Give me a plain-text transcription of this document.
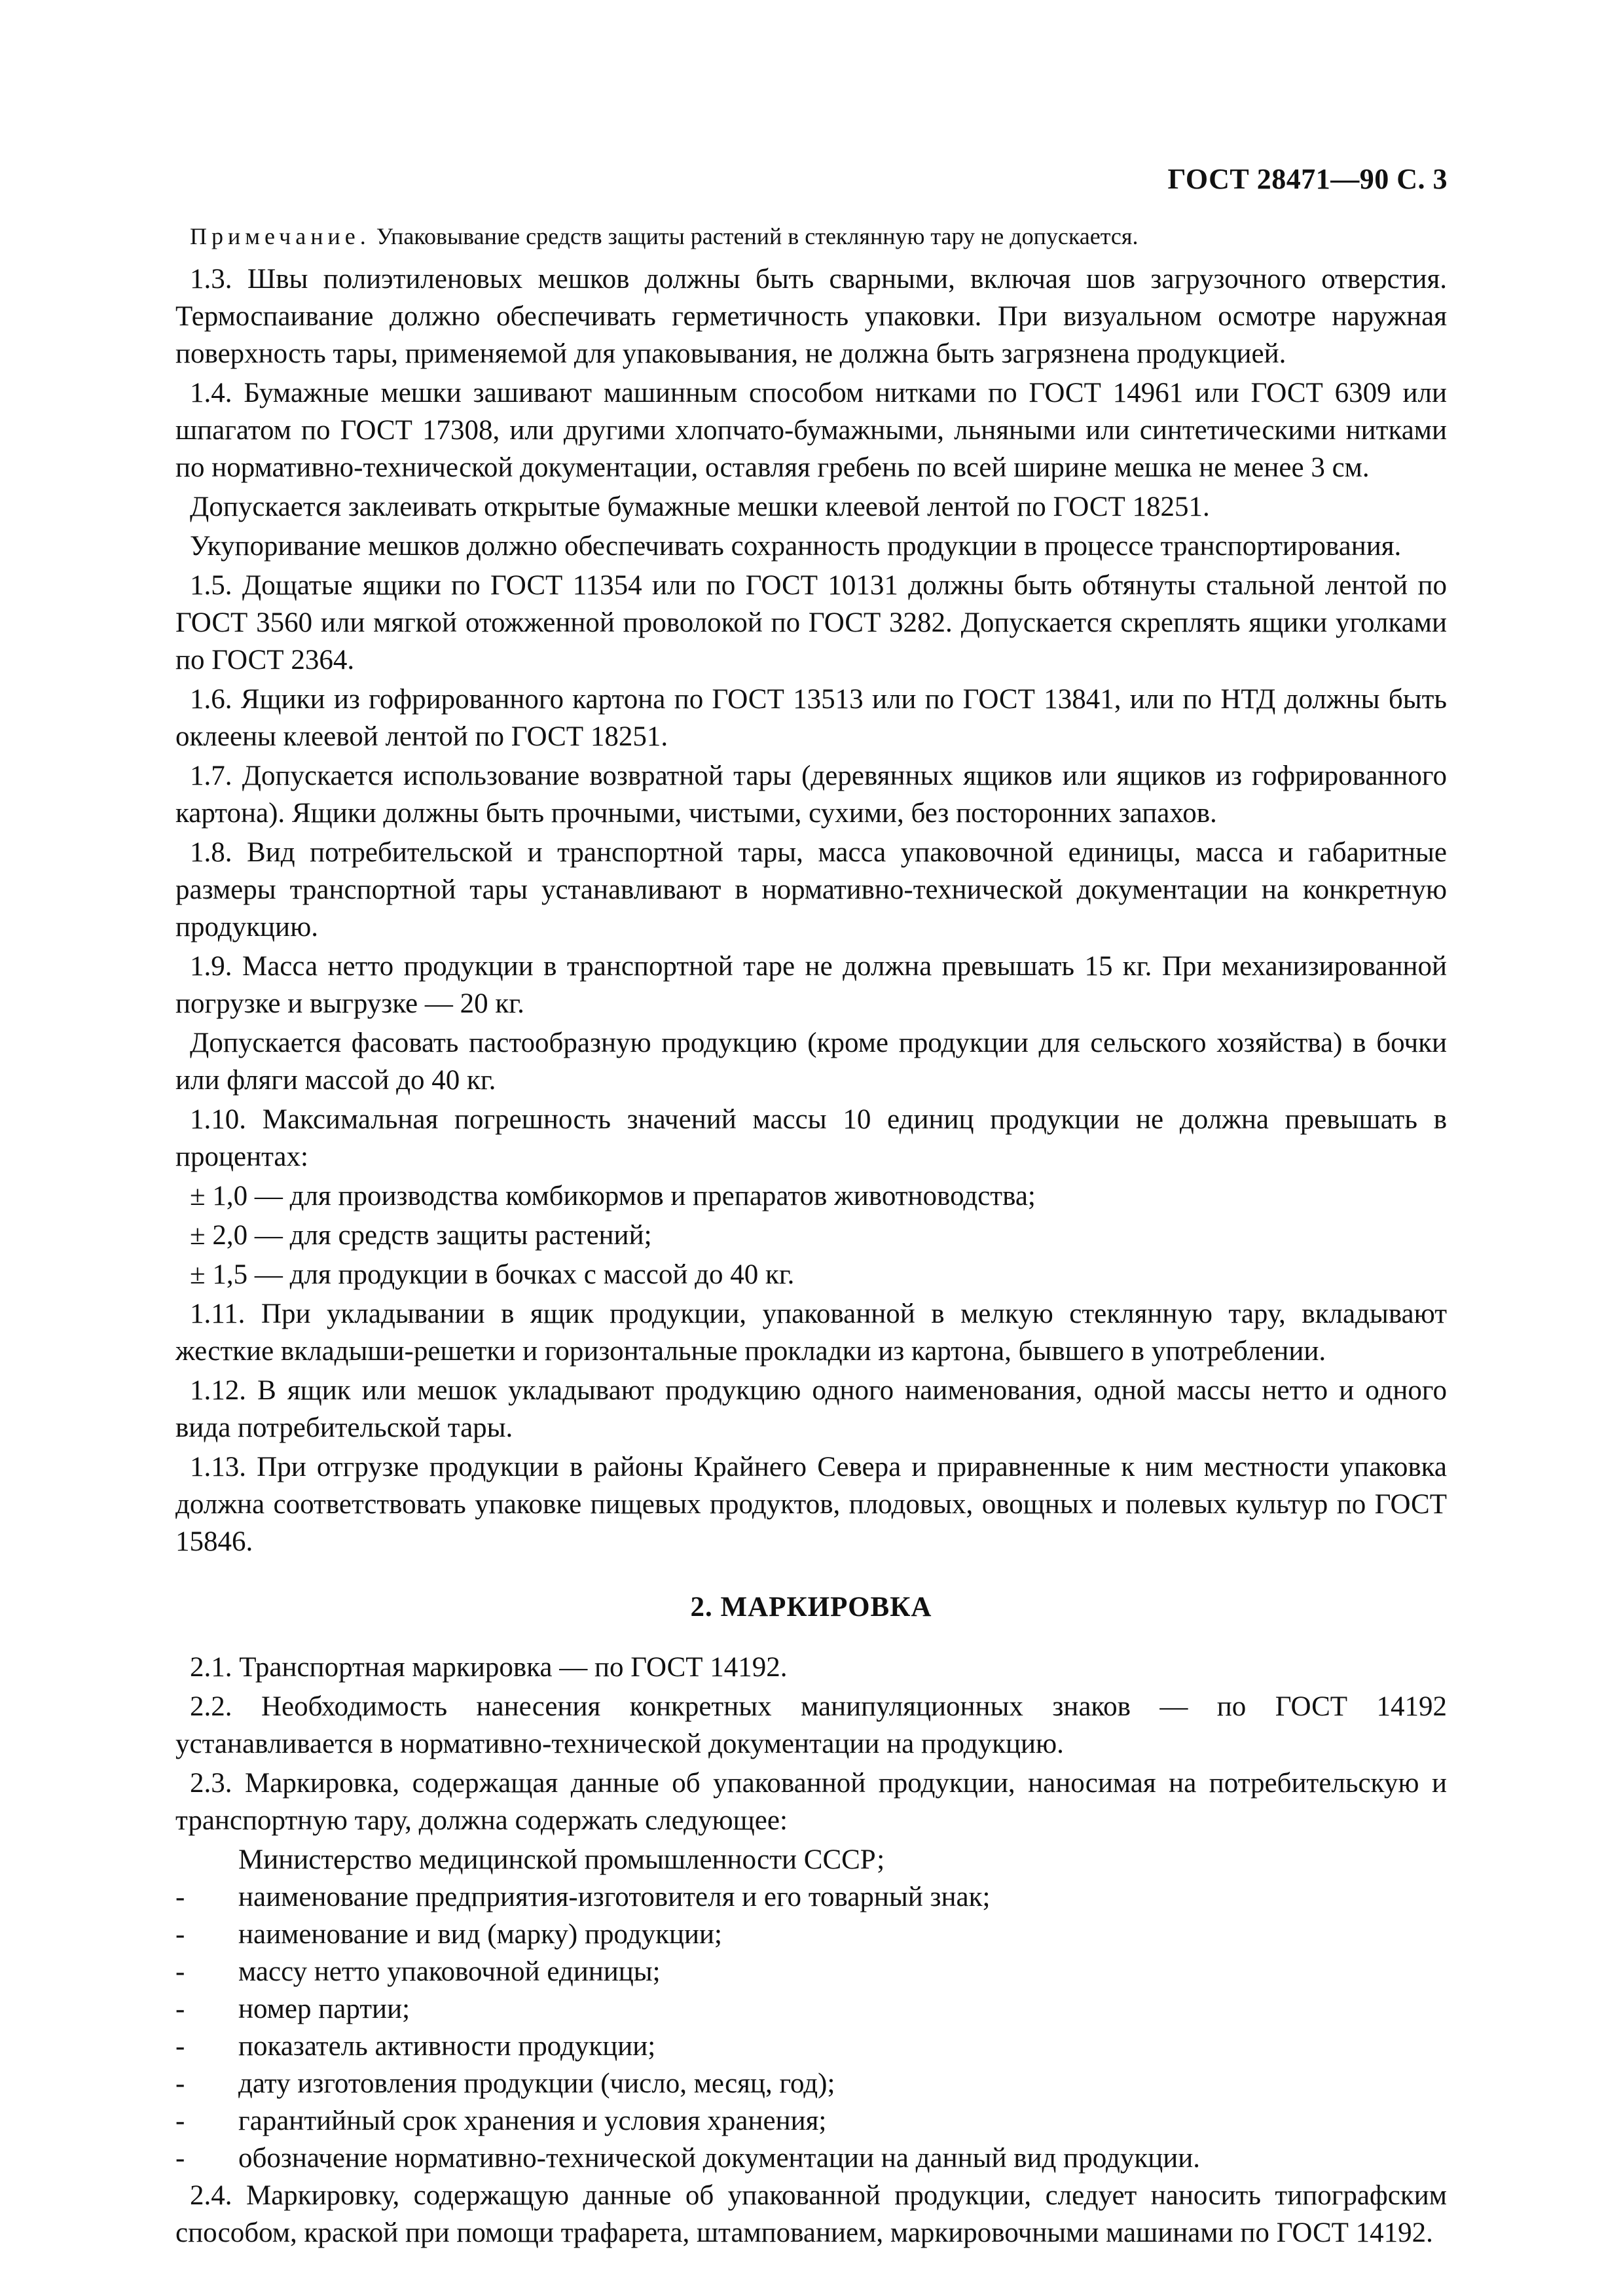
ГОСТ 28471—90 С. 3
Примечание. Упаковывание средств защиты растений в стеклянную тару не допускается.
1.3. Швы полиэтиленовых мешков должны быть сварными, включая шов загрузочного отверстия. Термоспаивание должно обеспечивать герметичность упаковки. При визуальном осмотре наружная поверхность тары, применяемой для упаковывания, не должна быть загрязнена продукцией.
1.4. Бумажные мешки зашивают машинным способом нитками по ГОСТ 14961 или ГОСТ 6309 или шпагатом по ГОСТ 17308, или другими хлопчато-бумажными, льняными или синтетическими нитками по нормативно-технической документации, оставляя гребень по всей ширине мешка не менее 3 см.
Допускается заклеивать открытые бумажные мешки клеевой лентой по ГОСТ 18251.
Укупоривание мешков должно обеспечивать сохранность продукции в процессе транспортирования.
1.5. Дощатые ящики по ГОСТ 11354 или по ГОСТ 10131 должны быть обтянуты стальной лентой по ГОСТ 3560 или мягкой отожженной проволокой по ГОСТ 3282. Допускается скреплять ящики уголками по ГОСТ 2364.
1.6. Ящики из гофрированного картона по ГОСТ 13513 или по ГОСТ 13841, или по НТД должны быть оклеены клеевой лентой по ГОСТ 18251.
1.7. Допускается использование возвратной тары (деревянных ящиков или ящиков из гофрированного картона). Ящики должны быть прочными, чистыми, сухими, без посторонних запахов.
1.8. Вид потребительской и транспортной тары, масса упаковочной единицы, масса и габаритные размеры транспортной тары устанавливают в нормативно-технической документации на конкретную продукцию.
1.9. Масса нетто продукции в транспортной таре не должна превышать 15 кг. При механизированной погрузке и выгрузке — 20 кг.
Допускается фасовать пастообразную продукцию (кроме продукции для сельского хозяйства) в бочки или фляги массой до 40 кг.
1.10. Максимальная погрешность значений массы 10 единиц продукции не должна превышать в процентах:
± 1,0 — для производства комбикормов и препаратов животноводства;
± 2,0 — для средств защиты растений;
± 1,5 — для продукции в бочках с массой до 40 кг.
1.11. При укладывании в ящик продукции, упакованной в мелкую стеклянную тару, вкладывают жесткие вкладыши-решетки и горизонтальные прокладки из картона, бывшего в употреблении.
1.12. В ящик или мешок укладывают продукцию одного наименования, одной массы нетто и одного вида потребительской тары.
1.13. При отгрузке продукции в районы Крайнего Севера и приравненные к ним местности упаковка должна соответствовать упаковке пищевых продуктов, плодовых, овощных и полевых культур по ГОСТ 15846.
2. МАРКИРОВКА
2.1. Транспортная маркировка — по ГОСТ 14192.
2.2. Необходимость нанесения конкретных манипуляционных знаков — по ГОСТ 14192 устанавливается в нормативно-технической документации на продукцию.
2.3. Маркировка, содержащая данные об упакованной продукции, наносимая на потребительскую и транспортную тару, должна содержать следующее:
Министерство медицинской промышленности СССР;
-	наименование предприятия-изготовителя и его товарный знак;
-	наименование и вид (марку) продукции;
-	массу нетто упаковочной единицы;
-	номер партии;
-	показатель активности продукции;
-	дату изготовления продукции (число, месяц, год);
-	гарантийный срок хранения и условия хранения;
-	обозначение нормативно-технической документации на данный вид продукции.
2.4. Маркировку, содержащую данные об упакованной продукции, следует наносить типографским способом, краской при помощи трафарета, штампованием, маркировочными машинами по ГОСТ 14192.
